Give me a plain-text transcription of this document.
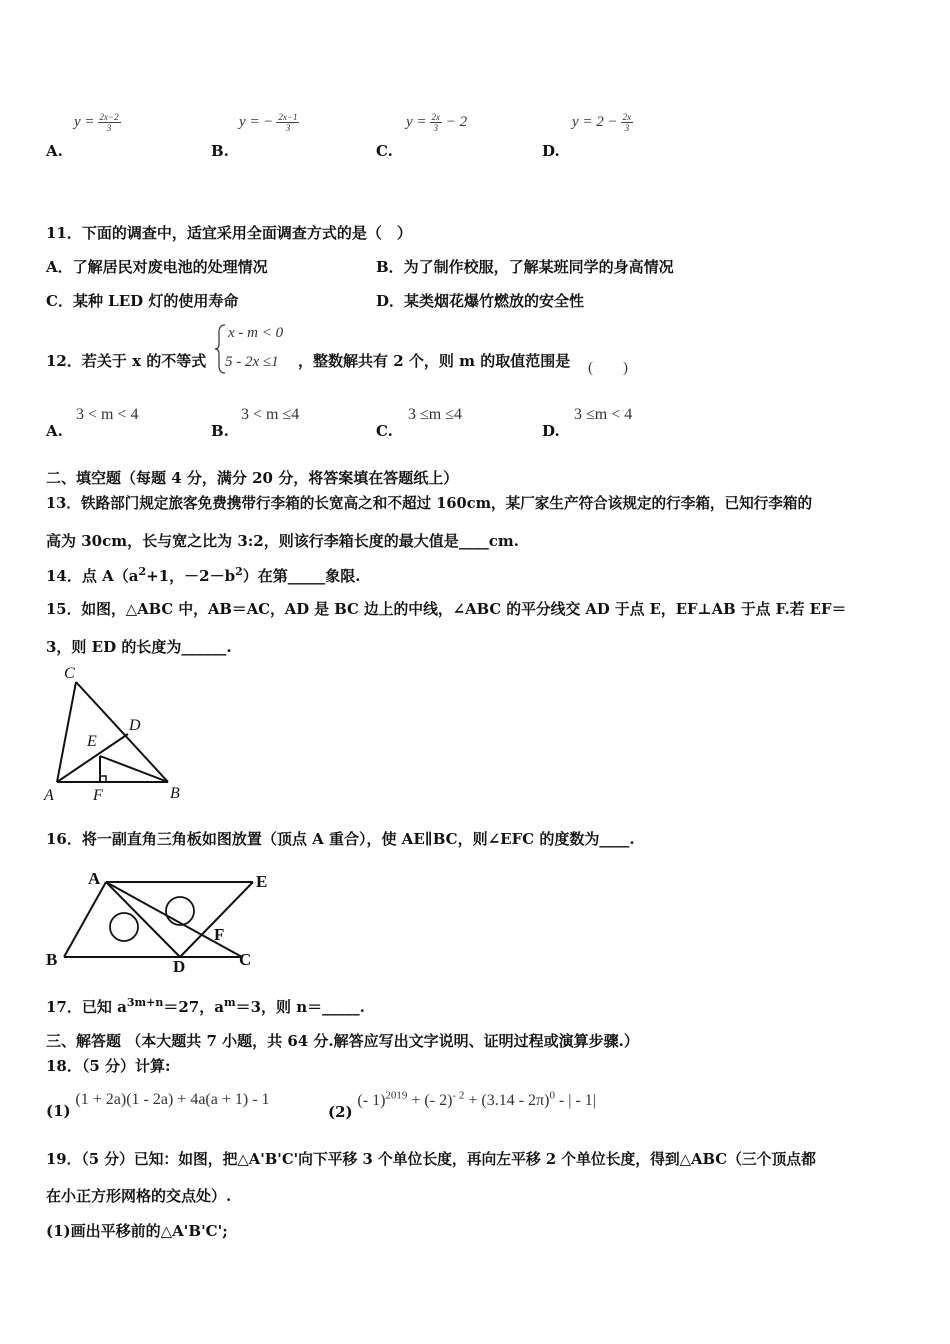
$y = \frac{2x-2}{3}$
A.
y = − $\frac{2x-1}{3}$
B.
$y = \frac{2x}{3} - 2$
C.
$y = 2 - \frac{2x}{3}$
D.
11．下面的调查中，适宜采用全面调查方式的是（　）
A．了解居民对废电池的处理情况	B．为了制作校服，了解某班同学的身高情况
C．某种 LED 灯的使用寿命	D．某类烟花爆竹燃放的安全性
12．若关于 x 的不等式
x - m < 0
5 - 2x ≤1 ，整数解共有 2 个，则 m 的取值范围是 (　　)
3 < m < 4
A.
3 < m ≤4
B.
3 ≤m ≤4
C.
3 ≤m < 4
D.
二、填空题（每题 4 分，满分 20 分，将答案填在答题纸上）
13．铁路部门规定旅客免费携带行李箱的长宽高之和不超过 160cm，某厂家生产符合该规定的行李箱，已知行李箱的
高为 30cm，长与宽之比为 3:2，则该行李箱长度的最大值是____cm.
14．点 $A(a^2+1$，$-2-b^2$）在第_____象限.
15．如图，△ABC 中，AB＝AC，AD 是 BC 边上的中线，∠ABC 的平分线交 AD 于点 E，EF⊥AB 于点 F.若 EF＝
3，则 ED 的长度为______.
C
D
E
A F	B
16．将一副直角三角板如图放置（顶点 A 重合），使 AE∥BC，则∠EFC 的度数为____.
A	E
B	D	C
F
17．已知 $a^{3m+n}=27$，$a^m=3$，则 n＝_____.
三、解答题 （本大题共 7 小题，共 64 分.解答应写出文字说明、证明过程或演算步骤.）
18．（5 分）计算:
(1) (1 + 2a)(1 - 2a) + 4a(a + 1) - 1
(2) (- 1)$^{2019}$ + (- 2)$^{- 2}$ + (3.14 - 2π)$^0$ - | - 1|
19．（5 分）已知：如图，把△A'B'C'向下平移 3 个单位长度，再向左平移 2 个单位长度，得到△ABC（三个顶点都
在小正方形网格的交点处）.
(1)画出平移前的△A'B'C';
